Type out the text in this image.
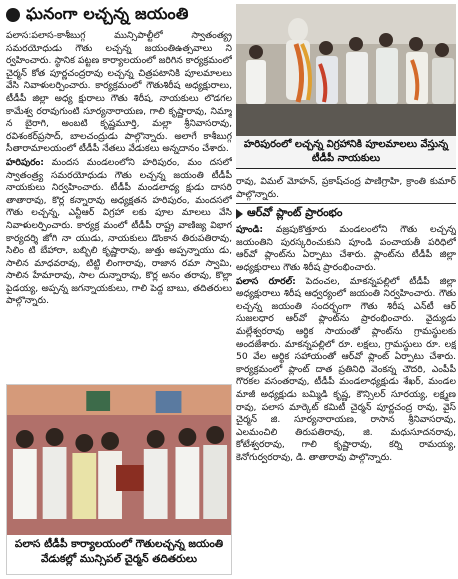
ఘనంగా లచ్చన్న జయంతి

పలాస:పలాస-కాశీబుగ్గ మున్సిపాల్టీలో స్వాతంత్య్ర సమరయోధుడు గౌతు లచ్చన్న జయంతిఉత్సవాలు ని ర్వహించారు. స్థానిక పట్టణ కార్యాలయంలో జరిగిన కార్యక్రమంలో చైర్మన్ కోత పూర్ణచంద్రరావు లచ్చన్న చిత్రపటానికి పూలమాలలు వేసి నివాళులర్పించారు. కార్యక్రమంలో గౌతుశిరీష అధ్యక్షురాలు, టీడీపీ జిల్లా అధ్య క్షురాలు గౌతు శిరీష, నాయకులు లొడగల కామేశ్వ రరావుగుంటి సూర్యనారాయణ, గాలి కృష్ణారావు, నిమ్మా న బైరాగి, అంబటి కృష్ణమూర్తి, మల్లా శ్రీనివాసరావు, రవిశంకర్‌ప్రసాద్, బాలచంద్రుడు పాల్గొన్నారు. అలాగే కాశీబుగ్గ సీతారామాలయంలో టీడీపీ నేతలు వేడుకలు అన్నదానం చేశారు.

హరిపురం: మందస మండలంలోని హరిపురం, మం దసలో స్వాతంత్ర్య సమరయోధుడు గౌతు లచ్చన్న జయంతి టీడీపీ నాయకులు నిర్వహించారు. టీడీపీ మండలాధ్య క్షుడు దాసరి తాతారావు, కొర్ల కన్నారావు అధ్యక్షతన హరిపురం, మందసలో గౌతు లచ్చన్న, ఎన్టీఆర్ విగ్రహా లకు పూల మాలలు వేసి నివాళులర్పించారు. కార్యక్ర మంలో టీడీపీ రాష్ట్ర వాణిజ్య విభాగ కార్యదర్శి జోగి నా యుడు, నాయకులు డొంకాన తిరుపతిరావు, సిలిం టి బేహారా, బబ్బిలి కృష్ణారావు, జుత్తు అప్పన్నాయు డు, సాలిన మాధవరావు, టిట్టి లింగారావు, రాజాన రమా స్వామి, సాలిన హేమారావు, సాల దున్నారావు, కొర్ల అనం తరావు, కొల్లా పైడయ్య, అప్పన్న జగన్నాయకులు, గాలి పెద్ద బాబు, తదితరులు పాల్గొన్నారు.

హరిపురంలో లచ్చన్న విగ్రహానికి పూలమాలలు వేస్తున్న టీడీపీ నాయకులు

రావు, విమల్ మోహన్, ప్రకాష్‌చంద్ర పాణిగ్రాహి, క్రాంతి కుమార్ పాల్గొన్నారు.

ఆర్‌వో ప్లాంట్ ప్రారంభం

పూండి: వజ్రపుకొత్తూరు మండలంలోని గౌతు లచ్చన్న జయంతిని పురస్కరించుకుని పూండి పంచాయతీ పరిధిలో ఆర్‌వో ప్లాంట్‌ను ఏర్పాటు చేశారు. ప్లాంట్‌ను టీడీపీ జిల్లా అధ్యక్షురాలు గౌతు శిరీష ప్రారంభించారు.

పలాస రూరల్: పెదంచల, మాకన్నపల్లిలో టీడీపీ జిల్లా అధ్యక్షురాలు శిరీష ఆధ్వర్యంలో జయంతి నిర్వహించారు. గౌతు లచ్చన్న జయంతి సందర్భంగా గౌతు శిరీష ఎన్‌టీ ఆర్ సుజలధార ఆర్‌వో ప్లాంట్‌ను ప్రారంభించారు. వైద్యుడు మల్లేశ్వరరావు ఆర్థిక సాయంతో ప్లాంట్‌ను గ్రామస్థులకు అందజేశారు. మాకన్నపల్లిలో రూ. లక్షలు, గ్రామస్థులు రూ. లక్ష 50 వేల ఆర్థిక సహాయంతో ఆర్‌వో ప్లాంట్ ఏర్పాటు చేశారు. కార్యక్రమంలో ప్లాంట్ దాత ప్రతినిధి వెంకన్న చౌదరి, ఎంపీపీ గొరకల వసంతరావు, టీడీపీ మండలాధ్యక్షుడు శేఖర్, మండల మాజీ అధ్యక్షుడు బమ్మిడి కృష్ణ, కౌన్సిలర్ సూరయ్య, లక్ష్మణ రావు, పలాస మార్కెట్ కమిటీ చైర్మన్ పూర్ణచంద్ర రావు, వైస్ చైర్మన్ జి. సూర్యనారాయణ, రాసాన శ్రీనివాసరావు, ఎలమంచిలి తిరుపతిరావు, జి. మధుసూదనరావు, కోటేశ్వరరావు, గాలి కృష్ణారావు, కర్ని రామయ్య, కెనోగుర్వరరావు, డి. తాతారావు పాల్గొన్నారు.

పలాస టీడీపీ కార్యాలయంలో గౌతులచ్చన్న జయంతి వేడుకల్లో మున్సిపల్ చైర్మన్ తదితరులు
